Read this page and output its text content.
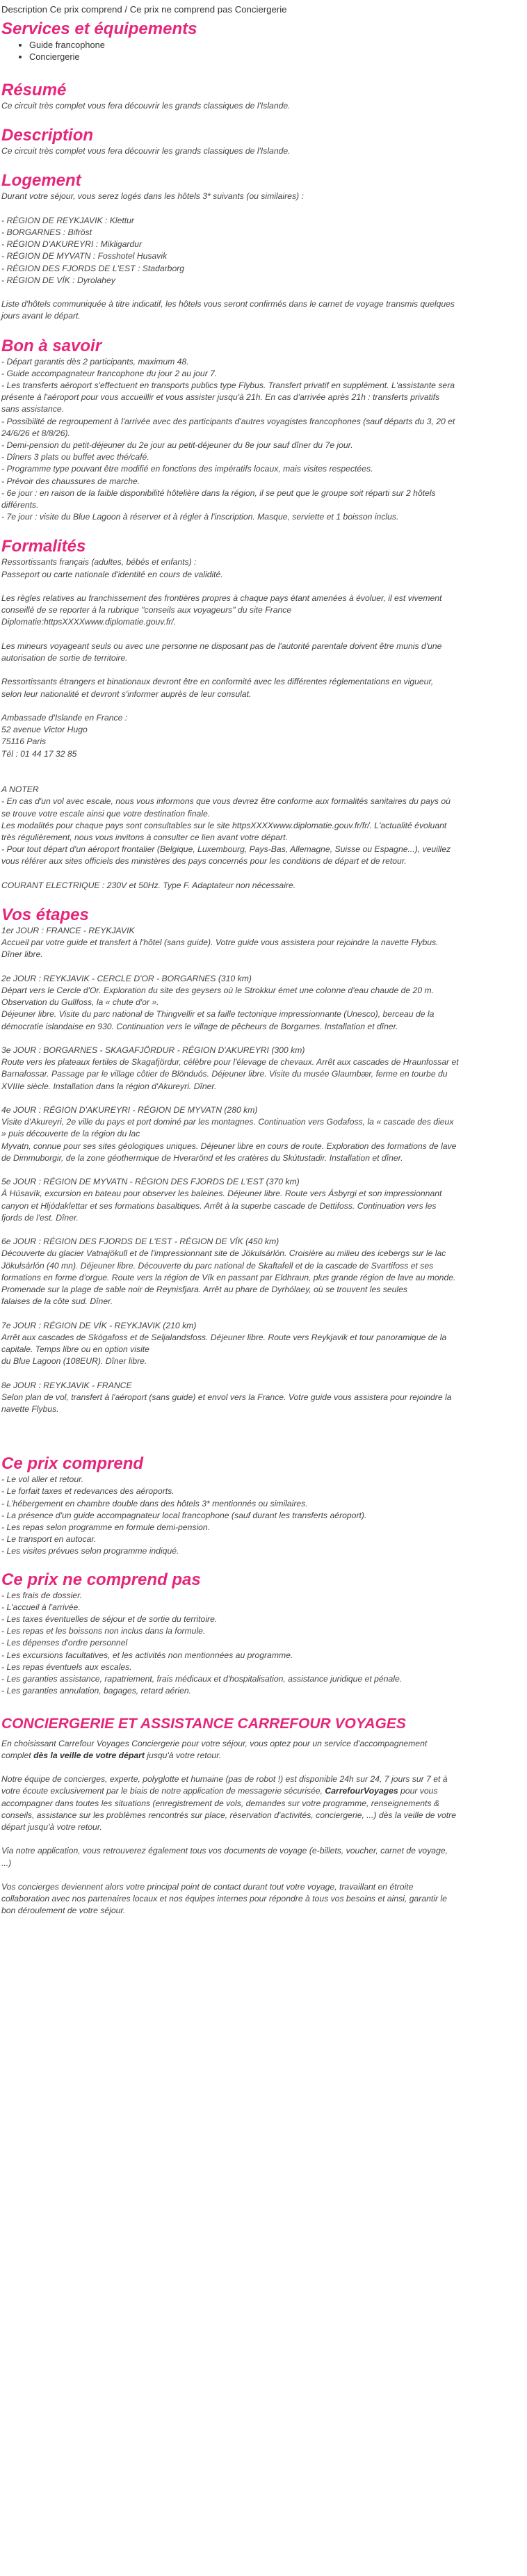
Description Ce prix comprend / Ce prix ne comprend pas Conciergerie
Services et équipements
• Guide francophone
• Conciergerie
Résumé

Ce circuit très complet vous fera découvrir les grands classiques de l'Islande.

Description

Ce circuit très complet vous fera découvrir les grands classiques de l'Islande.

Logement

Durant votre séjour, vous serez logés dans les hôtels 3* suivants (ou similaires) :

- RÉGION DE REYKJAVIK : Klettur

- BORGARNES : Bifröst

- RÉGION D'AKUREYRI : Mikligardur

- RÉGION DE MYVATN : Fosshotel Husavik

- RÉGION DES FJORDS DE L'EST : Stadarborg

- RÉGION DE VÍK : Dyrolahey

Liste d'hôtels communiquée à titre indicatif, les hôtels vous seront confirmés dans le carnet de voyage transmis quelques

jours avant le départ.

Bon à savoir

- Départ garantis dès 2 participants, maximum 48.

- Guide accompagnateur francophone du jour 2 au jour 7.

- Les transferts aéroport s'effectuent en transports publics type Flybus. Transfert privatif en supplément. L'assistante sera

présente à l'aéroport pour vous accueillir et vous assister jusqu'à 21h. En cas d'arrivée après 21h : transferts privatifs

sans assistance.

- Possibilité de regroupement à l'arrivée avec des participants d'autres voyagistes francophones (sauf départs du 3, 20 et

24/6/26 et 8/8/26).

- Demi-pension du petit-déjeuner du 2e jour au petit-déjeuner du 8e jour sauf dîner du 7e jour.

- Dîners 3 plats ou buffet avec thé/café.

- Programme type pouvant être modifié en fonctions des impératifs locaux, mais visites respectées.

- Prévoir des chaussures de marche.

- 6e jour : en raison de la faible disponibilité hôtelière dans la région, il se peut que le groupe soit réparti sur 2 hôtels

différents.

- 7e jour : visite du Blue Lagoon à réserver et à régler à l'inscription. Masque, serviette et 1 boisson inclus.

Formalités

Ressortissants français (adultes, bébés et enfants) :

Passeport ou carte nationale d'identité en cours de validité.

Les règles relatives au franchissement des frontières propres à chaque pays étant amenées à évoluer, il est vivement

conseillé de se reporter à la rubrique "conseils aux voyageurs" du site France

Diplomatie:httpsXXXXwww.diplomatie.gouv.fr/.

Les mineurs voyageant seuls ou avec une personne ne disposant pas de l'autorité parentale doivent être munis d'une

autorisation de sortie de territoire.

Ressortissants étrangers et binationaux devront être en conformité avec les différentes réglementations en vigueur,

selon leur nationalité et devront s'informer auprès de leur consulat.

Ambassade d'Islande en France :

52 avenue Victor Hugo

75116 Paris

Tél : 01 44 17 32 85

A NOTER

- En cas d'un vol avec escale, nous vous informons que vous devrez être conforme aux formalités sanitaires du pays où

se trouve votre escale ainsi que votre destination finale.

Les modalités pour chaque pays sont consultables sur le site httpsXXXXwww.diplomatie.gouv.fr/fr/. L'actualité évoluant

très régulièrement, nous vous invitons à consulter ce lien avant votre départ.

- Pour tout départ d'un aéroport frontalier (Belgique, Luxembourg, Pays-Bas, Allemagne, Suisse ou Espagne...), veuillez

vous référer aux sites officiels des ministères des pays concernés pour les conditions de départ et de retour.

COURANT ELECTRIQUE : 230V et 50Hz. Type F. Adaptateur non nécessaire.

Vos étapes

1er JOUR : FRANCE - REYKJAVIK

Accueil par votre guide et transfert à l'hôtel (sans guide). Votre guide vous assistera pour rejoindre la navette Flybus.

Dîner libre.

2e JOUR : REYKJAVIK - CERCLE D'OR - BORGARNES (310 km)

Départ vers le Cercle d'Or. Exploration du site des geysers où le Strokkur émet une colonne d'eau chaude de 20 m.

Observation du Gullfoss, la « chute d'or ».

Déjeuner libre. Visite du parc national de Thingvellir et sa faille tectonique impressionnante (Unesco), berceau de la

démocratie islandaise en 930. Continuation vers le village de pêcheurs de Borgarnes. Installation et dîner.

3e JOUR : BORGARNES - SKAGAFJÖRDUR - RÉGION D'AKUREYRI (300 km)

Route vers les plateaux fertiles de Skagafjördur, célèbre pour l'élevage de chevaux. Arrêt aux cascades de Hraunfossar et

Barnafossar. Passage par le village côtier de Blönduós. Déjeuner libre. Visite du musée Glaumbær, ferme en tourbe du

XVIIIe siècle. Installation dans la région d'Akureyri. Dîner.

4e JOUR : RÉGION D'AKUREYRI - RÉGION DE MYVATN (280 km)

Visite d'Akureyri, 2e ville du pays et port dominé par les montagnes. Continuation vers Godafoss, la « cascade des dieux

» puis découverte de la région du lac

Myvatn, connue pour ses sites géologiques uniques. Déjeuner libre en cours de route. Exploration des formations de lave

de Dimmuborgir, de la zone géothermique de Hverarönd et les cratères du Skútustadir. Installation et dîner.

5e JOUR : RÉGION DE MYVATN - RÉGION DES FJORDS DE L'EST (370 km)

À Húsavík, excursion en bateau pour observer les baleines. Déjeuner libre. Route vers Ásbyrgi et son impressionnant

canyon et Hljódaklettar et ses formations basaltiques. Arrêt à la superbe cascade de Dettifoss. Continuation vers les

fjords de l'est. Dîner.

6e JOUR : RÉGION DES FJORDS DE L'EST - RÉGION DE VÍK (450 km)

Découverte du glacier Vatnajökull et de l'impressionnant site de Jökulsárlón. Croisière au milieu des icebergs sur le lac

Jökulsárlón (40 mn). Déjeuner libre. Découverte du parc national de Skaftafell et de la cascade de Svartifoss et ses

formations en forme d'orgue. Route vers la région de Vík en passant par Eldhraun, plus grande région de lave au monde.

Promenade sur la plage de sable noir de Reynisfjara. Arrêt au phare de Dyrhólaey, où se trouvent les seules

falaises de la côte sud. Dîner.

7e JOUR : RÉGION DE VÍK - REYKJAVIK (210 km)

Arrêt aux cascades de Skógafoss et de Seljalandsfoss. Déjeuner libre. Route vers Reykjavik et tour panoramique de la

capitale. Temps libre ou en option visite

du Blue Lagoon (108EUR). Dîner libre.

8e JOUR : REYKJAVIK - FRANCE

Selon plan de vol, transfert à l'aéroport (sans guide) et envol vers la France. Votre guide vous assistera pour rejoindre la

navette Flybus.

Ce prix comprend

- Le vol aller et retour.

- Le forfait taxes et redevances des aéroports.

- L'hébergement en chambre double dans des hôtels 3* mentionnés ou similaires.

- La présence d'un guide accompagnateur local francophone (sauf durant les transferts aéroport).

- Les repas selon programme en formule demi-pension.

- Le transport en autocar.

- Les visites prévues selon programme indiqué.

Ce prix ne comprend pas

- Les frais de dossier.

- L'accueil à l'arrivée.

- Les taxes éventuelles de séjour et de sortie du territoire.

- Les repas et les boissons non inclus dans la formule.

- Les dépenses d'ordre personnel

- Les excursions facultatives, et les activités non mentionnées au programme.

- Les repas éventuels aux escales.

- Les garanties assistance, rapatriement, frais médicaux et d'hospitalisation, assistance juridique et pénale.

- Les garanties annulation, bagages, retard aérien.

CONCIERGERIE ET ASSISTANCE CARREFOUR VOYAGES

En choisissant Carrefour Voyages Conciergerie pour votre séjour, vous optez pour un service d'accompagnement

complet dès la veille de votre départ jusqu'à votre retour.

Notre équipe de concierges, experte, polyglotte et humaine (pas de robot !) est disponible 24h sur 24, 7 jours sur 7 et à

votre écoute exclusivement par le biais de notre application de messagerie sécurisée, CarrefourVoyages pour vous

accompagner dans toutes les situations (enregistrement de vols, demandes sur votre programme, renseignements &

conseils, assistance sur les problèmes rencontrés sur place, réservation d'activités, conciergerie, ...) dès la veille de votre

départ jusqu'à votre retour.

Via notre application, vous retrouverez également tous vos documents de voyage (e-billets, voucher, carnet de voyage,

...)

Vos concierges deviennent alors votre principal point de contact durant tout votre voyage, travaillant en étroite

collaboration avec nos partenaires locaux et nos équipes internes pour répondre à tous vos besoins et ainsi, garantir le

bon déroulement de votre séjour.
